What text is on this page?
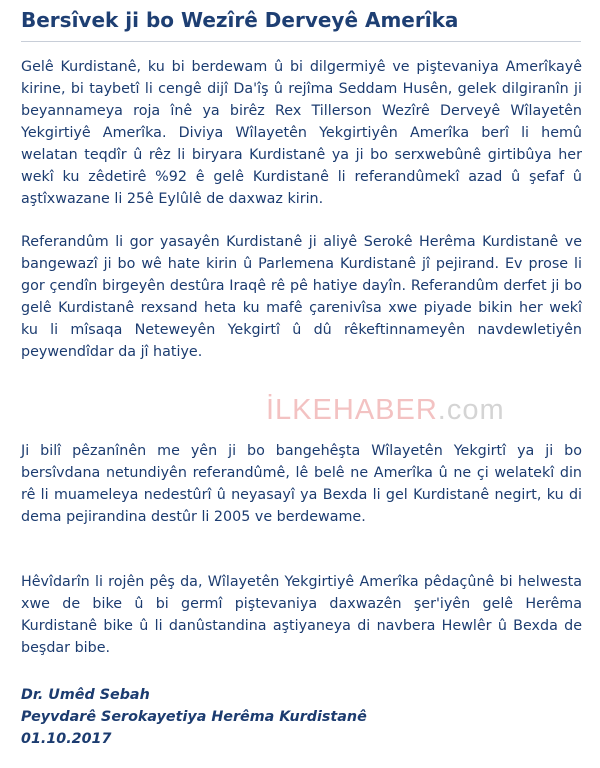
Bersîvek ji bo Wezîrê Derveyê Amerîka

Gelê Kurdistanê, ku bi berdewam û bi dilgermiyê ve piştevaniya Amerîkayê kirine, bi taybetî li cengê dijî Da'îş û rejîma Seddam Husên, gelek dilgiranîn ji beyannameya roja înê ya birêz Rex Tillerson Wezîrê Derveyê Wîlayetên Yekgirtiyê Amerîka. Diviya Wîlayetên Yekgirtiyên Amerîka berî li hemû welatan teqdîr û rêz li biryara Kurdistanê ya ji bo serxwebûnê girtibûya her wekî ku zêdetirê %92 ê gelê Kurdistanê li referandûmekî azad û şefaf û aştîxwazane li 25ê Eylûlê de daxwaz kirin.

Referandûm li gor yasayên Kurdistanê ji aliyê Serokê Herêma Kurdistanê ve bangewazî ji bo wê hate kirin û Parlemena Kurdistanê jî pejirand. Ev prose li gor çendîn birgeyên destûra Iraqê rê pê hatiye dayîn. Referandûm derfet ji bo gelê Kurdistanê rexsand heta ku mafê çarenivîsa xwe piyade bikin her wekî ku li mîsaqa Neteweyên Yekgirtî û dû rêkeftinnameyên navdewletiyên peywendîdar da jî hatiye.

Ji bilî pêzanînên me yên ji bo bangehêşta Wîlayetên Yekgirtî ya ji bo bersîvdana netundiyên referandûmê, lê belê ne Amerîka û ne çi welatekî din rê li muameleya nedestûrî û neyasayî ya Bexda li gel Kurdistanê negirt, ku di dema pejirandina destûr li 2005 ve berdewame.

Hêvîdarîn li rojên pêş da, Wîlayetên Yekgirtiyê Amerîka pêdaçûnê bi helwesta xwe de bike û bi germî piştevaniya daxwazên şer'iyên gelê Herêma Kurdistanê bike û li danûstandina aştiyaneya di navbera Hewlêr û Bexda de beşdar bibe.

İLKEHABER.com
Dr. Umêd Sebah
Peyvdarê Serokayetiya Herêma Kurdistanê
01.10.2017
